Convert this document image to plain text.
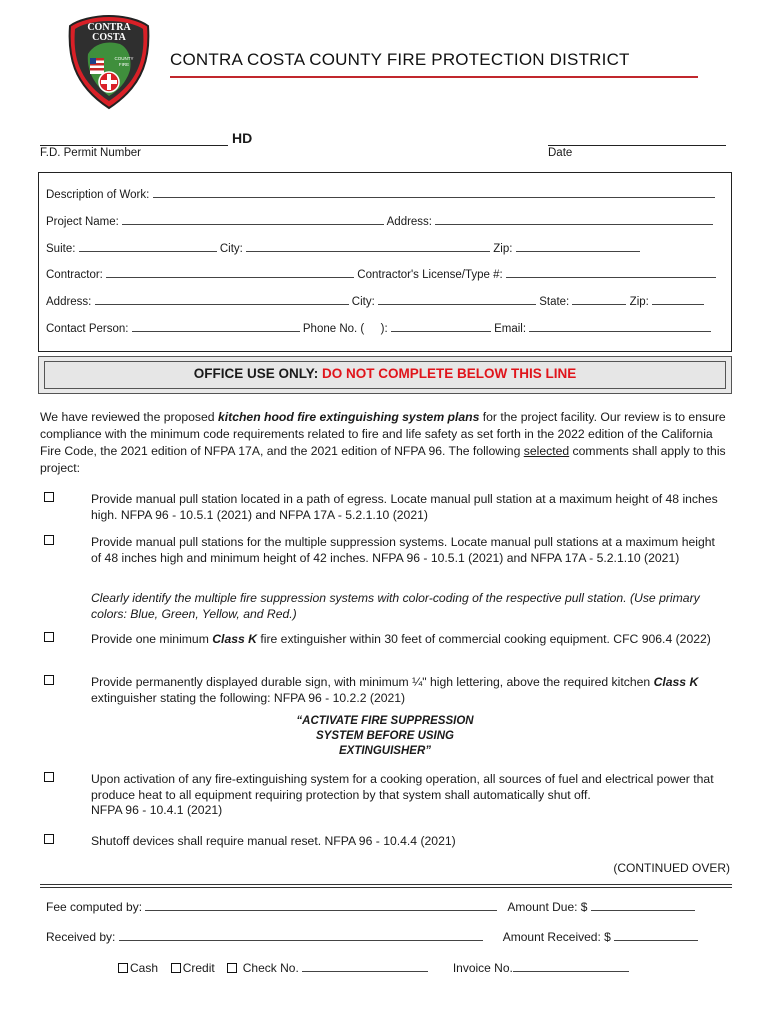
CONTRA
COSTA
COUNTY
FIRE CONTRA COSTA COUNTY FIRE PROTECTION DISTRICT
HD
F.D. Permit Number	Date
Description of Work:
Project Name:	Address:
Suite:	City:	Zip:
Contractor:	Contractor's License/Type #:
Address:	City:	State:	Zip:
Contact Person:	Phone No. ( ):	Email:
OFFICE USE ONLY: DO NOT COMPLETE BELOW THIS LINE
We have reviewed the proposed kitchen hood fire extinguishing system plans for the project facility. Our review is to ensure compliance with the minimum code requirements related to fire and life safety as set forth in the 2022 edition of the California Fire Code, the 2021 edition of NFPA 17A, and the 2021 edition of NFPA 96. The following selected comments shall apply to this project:
Provide manual pull station located in a path of egress. Locate manual pull station at a maximum height of 48 inches high. NFPA 96 - 10.5.1 (2021) and NFPA 17A - 5.2.1.10 (2021)
Provide manual pull stations for the multiple suppression systems. Locate manual pull stations at a maximum height of 48 inches high and minimum height of 42 inches. NFPA 96 - 10.5.1 (2021) and NFPA 17A - 5.2.1.10 (2021)
Clearly identify the multiple fire suppression systems with color-coding of the respective pull station. (Use primary colors: Blue, Green, Yellow, and Red.)
Provide one minimum Class K fire extinguisher within 30 feet of commercial cooking equipment. CFC 906.4 (2022)
Provide permanently displayed durable sign, with minimum ¼" high lettering, above the required kitchen Class K extinguisher stating the following: NFPA 96 - 10.2.2 (2021)
“ACTIVATE FIRE SUPPRESSION
SYSTEM BEFORE USING
EXTINGUISHER”
Upon activation of any fire-extinguishing system for a cooking operation, all sources of fuel and electrical power that produce heat to all equipment requiring protection by that system shall automatically shut off.
NFPA 96 - 10.4.1 (2021)
Shutoff devices shall require manual reset. NFPA 96 - 10.4.4 (2021)
(CONTINUED OVER)
Fee computed by:	Amount Due: $
Received by:	Amount Received: $
Cash Credit Check No.	Invoice No.
